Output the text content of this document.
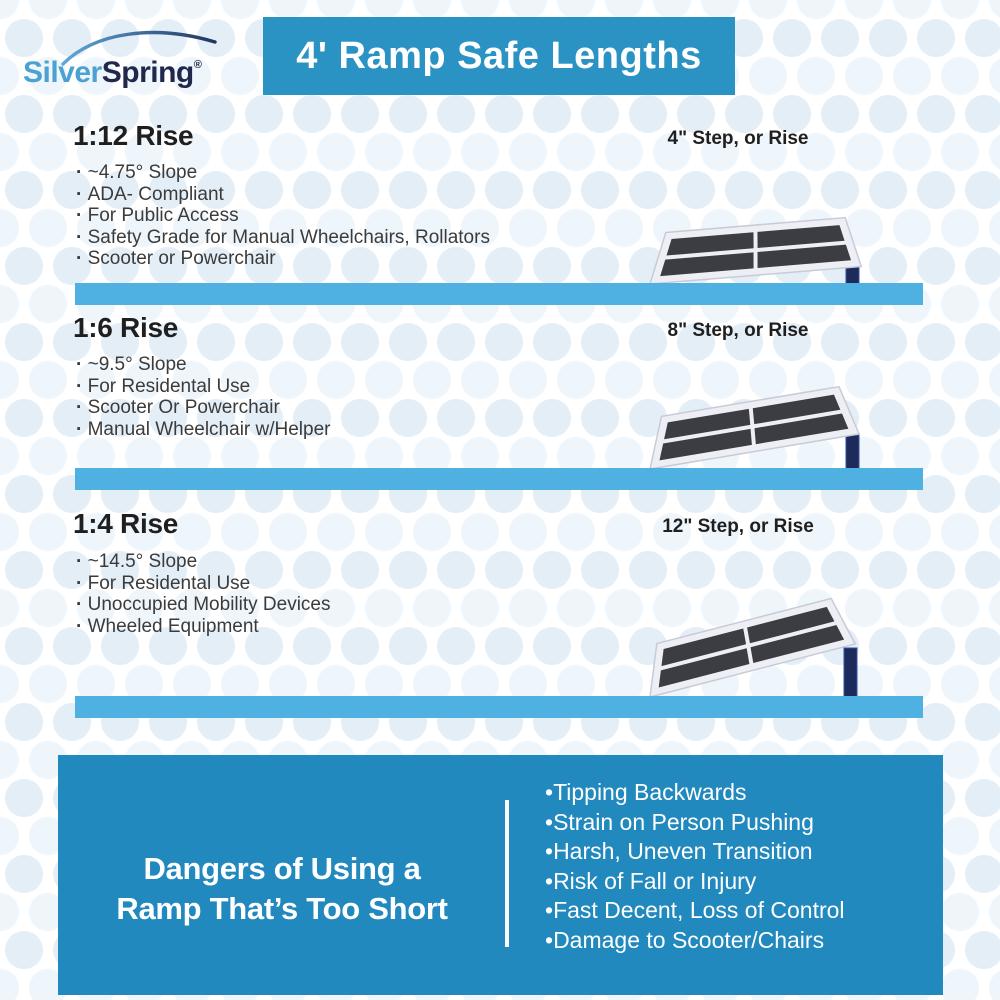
SilverSpring® 4' Ramp Safe Lengths
1:12 Rise
· ~4.75° Slope
· ADA- Compliant
· For Public Access
· Safety Grade for Manual Wheelchairs, Rollators
· Scooter or Powerchair
4" Step, or Rise
1:6 Rise
· ~9.5° Slope
· For Residental Use
· Scooter Or Powerchair
· Manual Wheelchair w/Helper
8" Step, or Rise
1:4 Rise
· ~14.5° Slope
· For Residental Use
· Unoccupied Mobility Devices
· Wheeled Equipment
12" Step, or Rise
Dangers of Using a
Ramp That’s Too Short
• Tipping Backwards
• Strain on Person Pushing
• Harsh, Uneven Transition
• Risk of Fall or Injury
• Fast Decent, Loss of Control
• Damage to Scooter/Chairs
